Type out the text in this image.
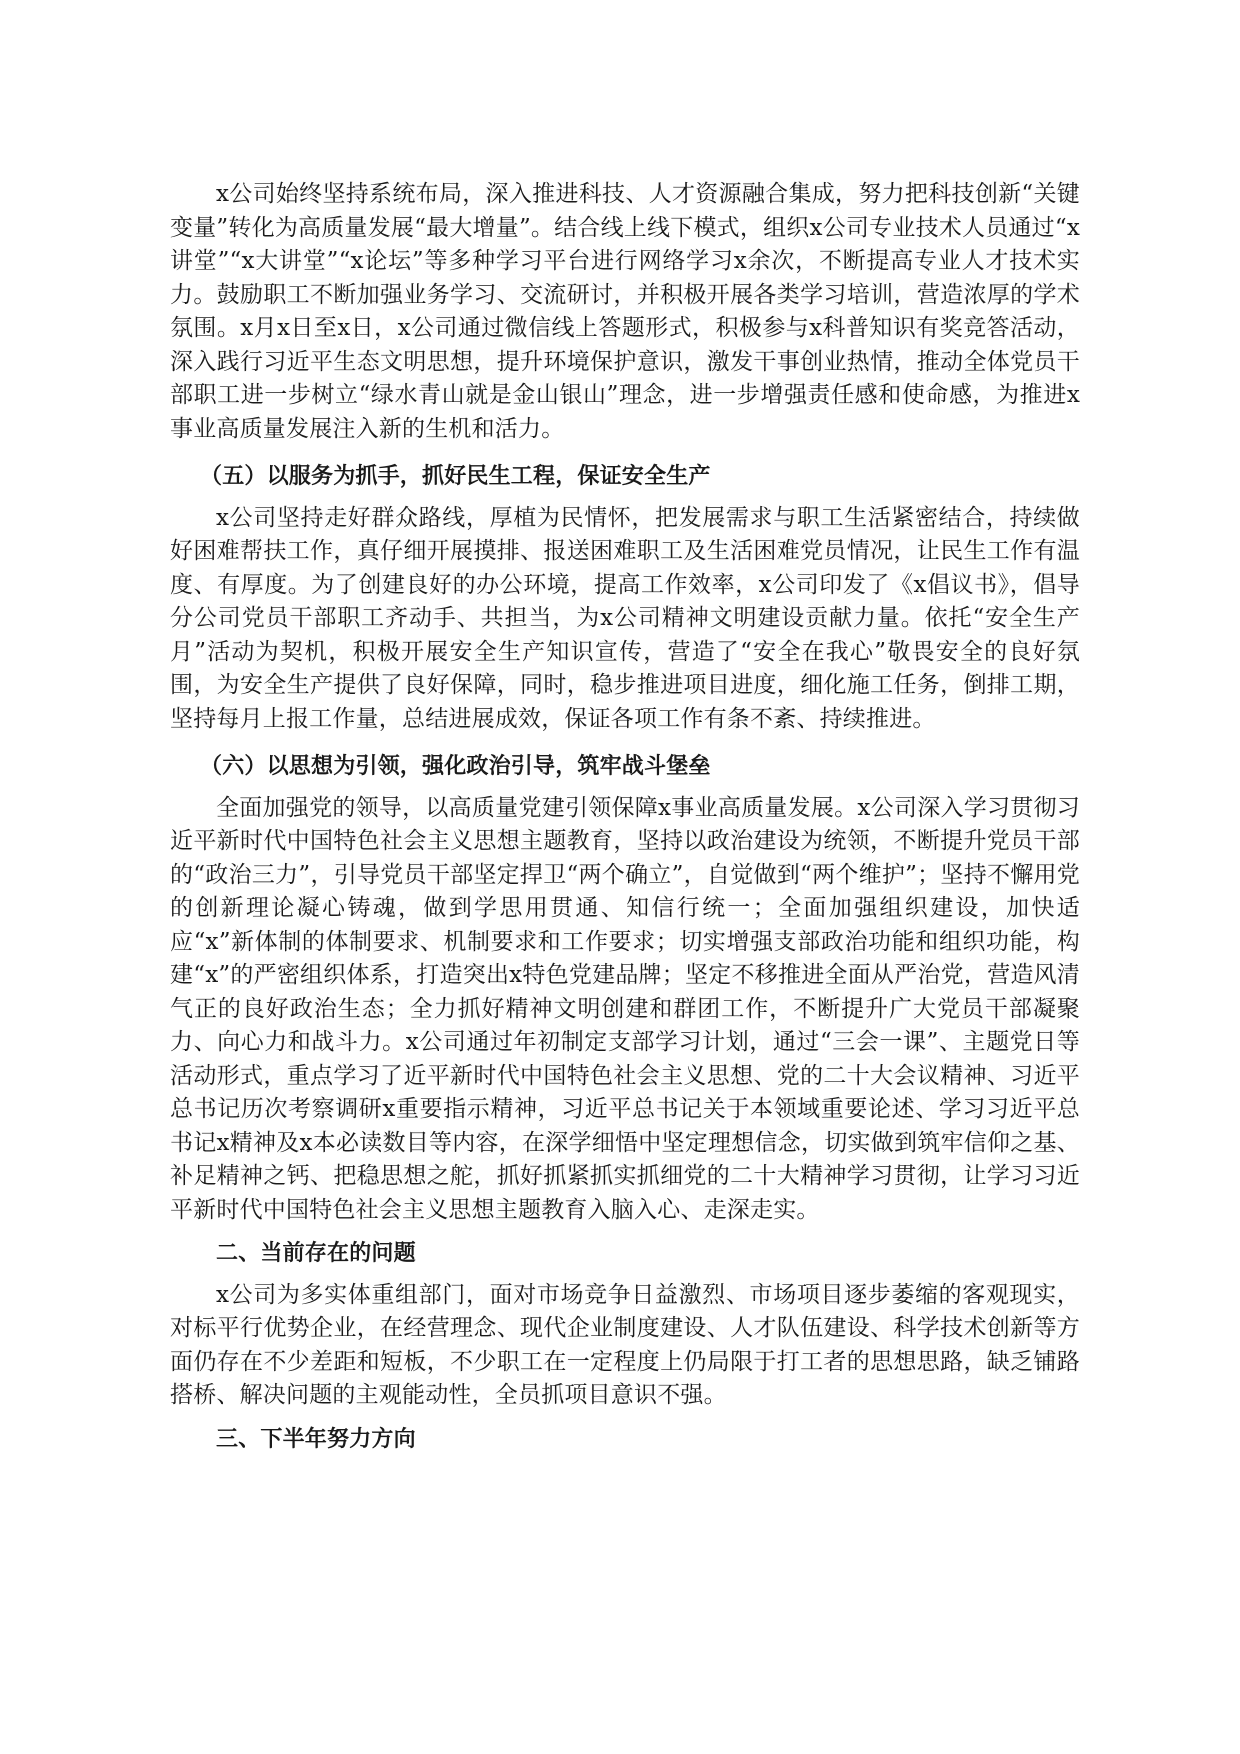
x公司始终坚持系统布局，深入推进科技、人才资源融合集成，努力把科技创新“关键变量”转化为高质量发展“最大增量”。结合线上线下模式，组织x公司专业技术人员通过“x讲堂”“x大讲堂”“x论坛”等多种学习平台进行网络学习x余次，不断提高专业人才技术实力。鼓励职工不断加强业务学习、交流研讨，并积极开展各类学习培训，营造浓厚的学术氛围。x月x日至x日，x公司通过微信线上答题形式，积极参与x科普知识有奖竞答活动，深入践行习近平生态文明思想，提升环境保护意识，激发干事创业热情，推动全体党员干部职工进一步树立“绿水青山就是金山银山”理念，进一步增强责任感和使命感，为推进x事业高质量发展注入新的生机和活力。

（五）以服务为抓手，抓好民生工程，保证安全生产

x公司坚持走好群众路线，厚植为民情怀，把发展需求与职工生活紧密结合，持续做好困难帮扶工作，真仔细开展摸排、报送困难职工及生活困难党员情况，让民生工作有温度、有厚度。为了创建良好的办公环境，提高工作效率，x公司印发了《x倡议书》，倡导分公司党员干部职工齐动手、共担当，为x公司精神文明建设贡献力量。依托“安全生产月”活动为契机，积极开展安全生产知识宣传，营造了“安全在我心”敬畏安全的良好氛围，为安全生产提供了良好保障，同时，稳步推进项目进度，细化施工任务，倒排工期，坚持每月上报工作量，总结进展成效，保证各项工作有条不紊、持续推进。

（六）以思想为引领，强化政治引导，筑牢战斗堡垒

全面加强党的领导，以高质量党建引领保障x事业高质量发展。x公司深入学习贯彻习近平新时代中国特色社会主义思想主题教育，坚持以政治建设为统领，不断提升党员干部的“政治三力”，引导党员干部坚定捍卫“两个确立”，自觉做到“两个维护”；坚持不懈用党的创新理论凝心铸魂，做到学思用贯通、知信行统一；全面加强组织建设，加快适应“x”新体制的体制要求、机制要求和工作要求；切实增强支部政治功能和组织功能，构建“x”的严密组织体系，打造突出x特色党建品牌；坚定不移推进全面从严治党，营造风清气正的良好政治生态；全力抓好精神文明创建和群团工作，不断提升广大党员干部凝聚力、向心力和战斗力。x公司通过年初制定支部学习计划，通过“三会一课”、主题党日等活动形式，重点学习了近平新时代中国特色社会主义思想、党的二十大会议精神、习近平总书记历次考察调研x重要指示精神，习近平总书记关于本领域重要论述、学习习近平总书记x精神及x本必读数目等内容，在深学细悟中坚定理想信念，切实做到筑牢信仰之基、补足精神之钙、把稳思想之舵，抓好抓紧抓实抓细党的二十大精神学习贯彻，让学习习近平新时代中国特色社会主义思想主题教育入脑入心、走深走实。

二、当前存在的问题

x公司为多实体重组部门，面对市场竞争日益激烈、市场项目逐步萎缩的客观现实，对标平行优势企业，在经营理念、现代企业制度建设、人才队伍建设、科学技术创新等方面仍存在不少差距和短板，不少职工在一定程度上仍局限于打工者的思想思路，缺乏铺路搭桥、解决问题的主观能动性，全员抓项目意识不强。

三、下半年努力方向
